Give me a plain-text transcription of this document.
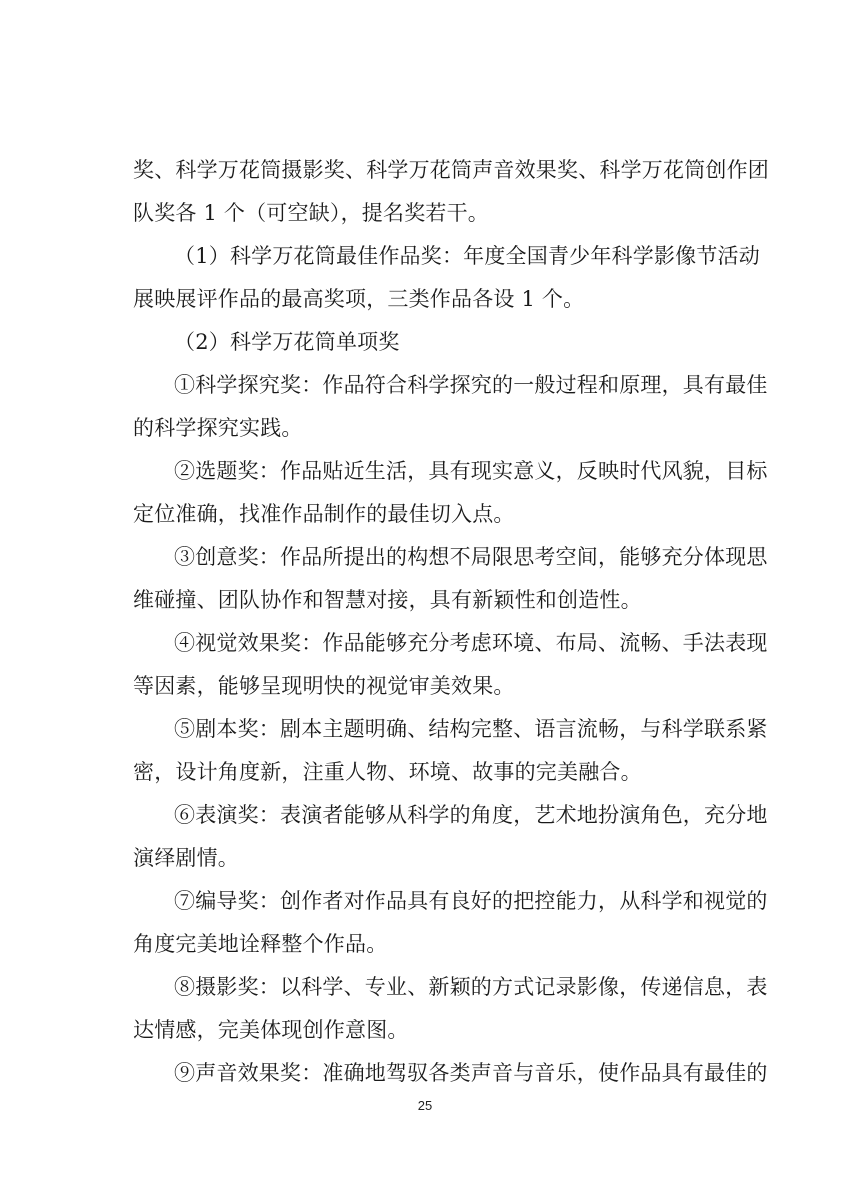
奖、科学万花筒摄影奖、科学万花筒声音效果奖、科学万花筒创作团
队奖各 1 个（可空缺），提名奖若干。
（1）科学万花筒最佳作品奖：年度全国青少年科学影像节活动
展映展评作品的最高奖项，三类作品各设 1 个。
（2）科学万花筒单项奖
①科学探究奖：作品符合科学探究的一般过程和原理，具有最佳
的科学探究实践。
②选题奖：作品贴近生活，具有现实意义，反映时代风貌，目标
定位准确，找准作品制作的最佳切入点。
③创意奖：作品所提出的构想不局限思考空间，能够充分体现思
维碰撞、团队协作和智慧对接，具有新颖性和创造性。
④视觉效果奖：作品能够充分考虑环境、布局、流畅、手法表现
等因素，能够呈现明快的视觉审美效果。
⑤剧本奖：剧本主题明确、结构完整、语言流畅，与科学联系紧
密，设计角度新，注重人物、环境、故事的完美融合。
⑥表演奖：表演者能够从科学的角度，艺术地扮演角色，充分地
演绎剧情。
⑦编导奖：创作者对作品具有良好的把控能力，从科学和视觉的
角度完美地诠释整个作品。
⑧摄影奖：以科学、专业、新颖的方式记录影像，传递信息，表
达情感，完美体现创作意图。
⑨声音效果奖：准确地驾驭各类声音与音乐，使作品具有最佳的
25
